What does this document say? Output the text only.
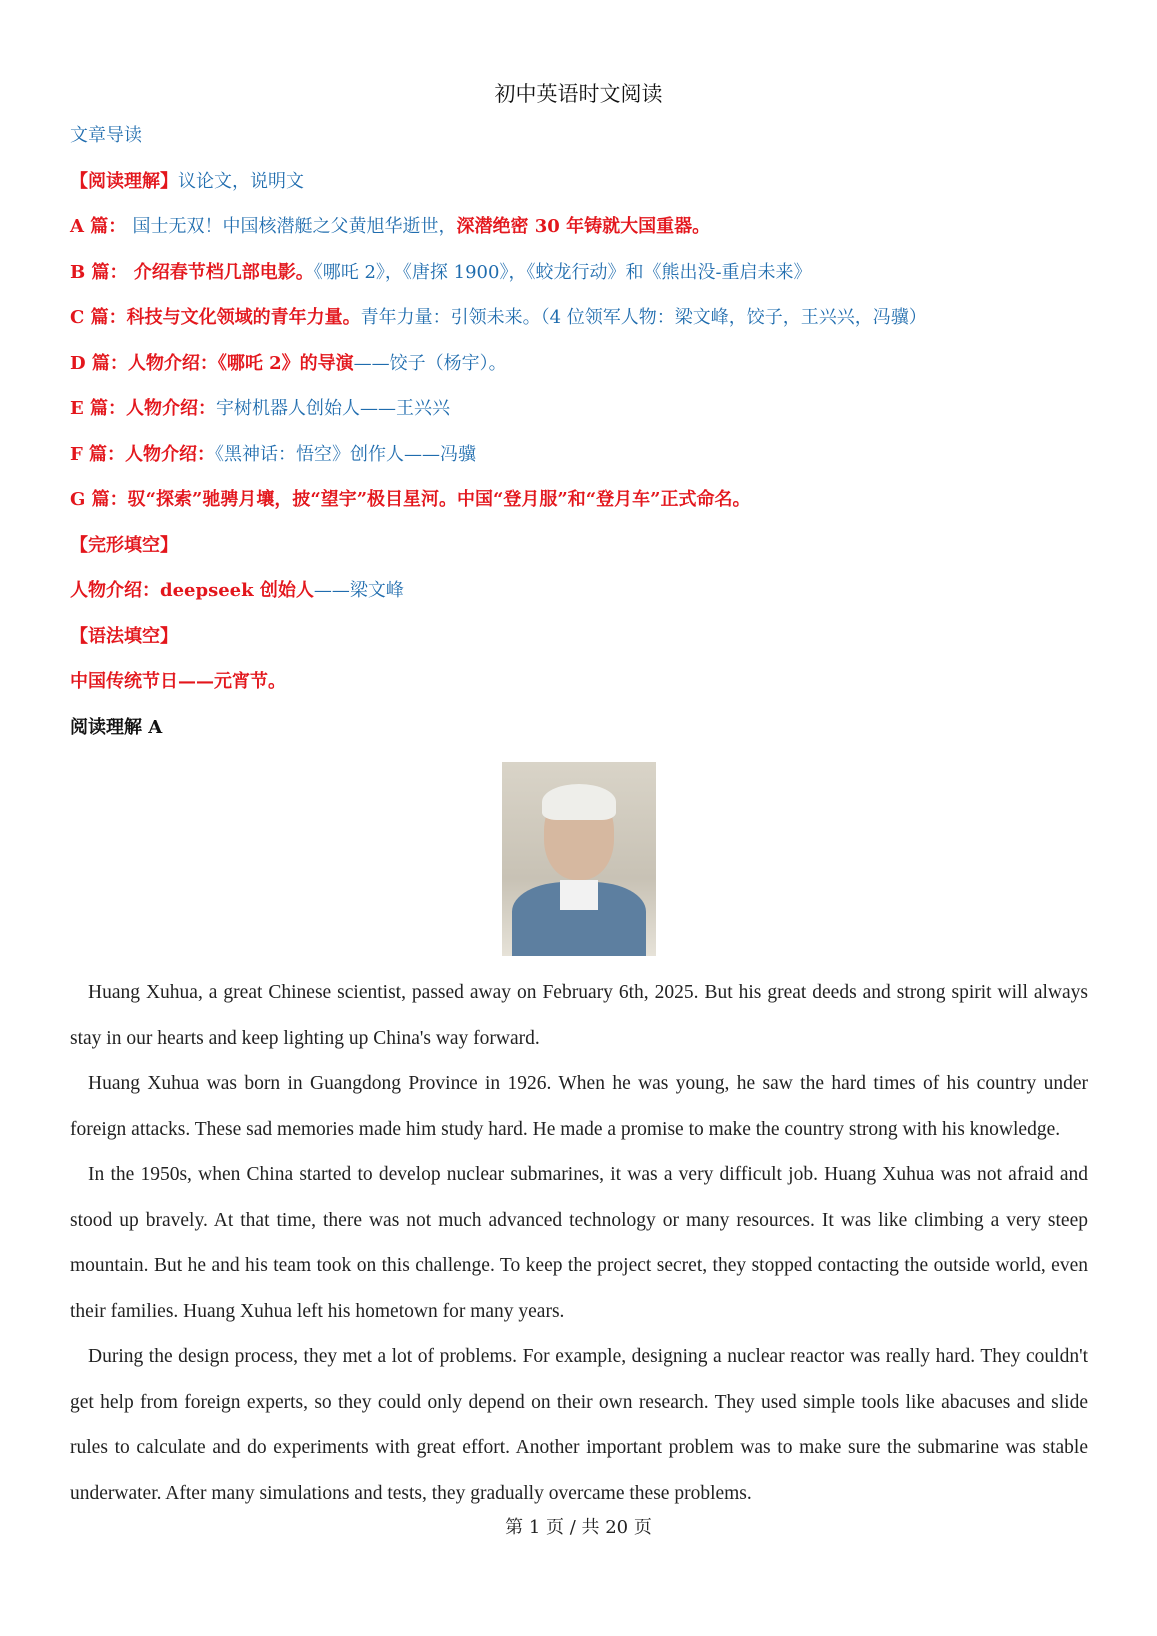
初中英语时文阅读
文章导读
【阅读理解】议论文，说明文
A 篇： 国士无双！中国核潜艇之父黄旭华逝世，深潜绝密 30 年铸就大国重器。
B 篇： 介绍春节档几部电影。《哪吒 2》，《唐探 1900》，《蛟龙行动》和《熊出没-重启未来》
C 篇：科技与文化领域的青年力量。青年力量：引领未来。（4 位领军人物：梁文峰，饺子，王兴兴，冯骥）
D 篇：人物介绍：《哪吒 2》的导演——饺子（杨宇）。
E 篇：人物介绍：宇树机器人创始人——王兴兴
F 篇：人物介绍：《黑神话：悟空》创作人——冯骥
G 篇：驭“探索”驰骋月壤，披“望宇”极目星河。中国“登月服”和“登月车”正式命名。
【完形填空】
人物介绍：deepseek 创始人——梁文峰
【语法填空】
中国传统节日——元宵节。
阅读理解 A

Huang Xuhua, a great Chinese scientist, passed away on February 6th, 2025. But his great deeds and strong spirit will always stay in our hearts and keep lighting up China's way forward.

Huang Xuhua was born in Guangdong Province in 1926. When he was young, he saw the hard times of his country under foreign attacks. These sad memories made him study hard. He made a promise to make the country strong with his knowledge.

In the 1950s, when China started to develop nuclear submarines, it was a very difficult job. Huang Xuhua was not afraid and stood up bravely. At that time, there was not much advanced technology or many resources. It was like climbing a very steep mountain. But he and his team took on this challenge. To keep the project secret, they stopped contacting the outside world, even their families. Huang Xuhua left his hometown for many years.

During the design process, they met a lot of problems. For example, designing a nuclear reactor was really hard. They couldn't get help from foreign experts, so they could only depend on their own research. They used simple tools like abacuses and slide rules to calculate and do experiments with great effort. Another important problem was to make sure the submarine was stable underwater. After many simulations and tests, they gradually overcame these problems.

第 1 页 / 共 20 页
